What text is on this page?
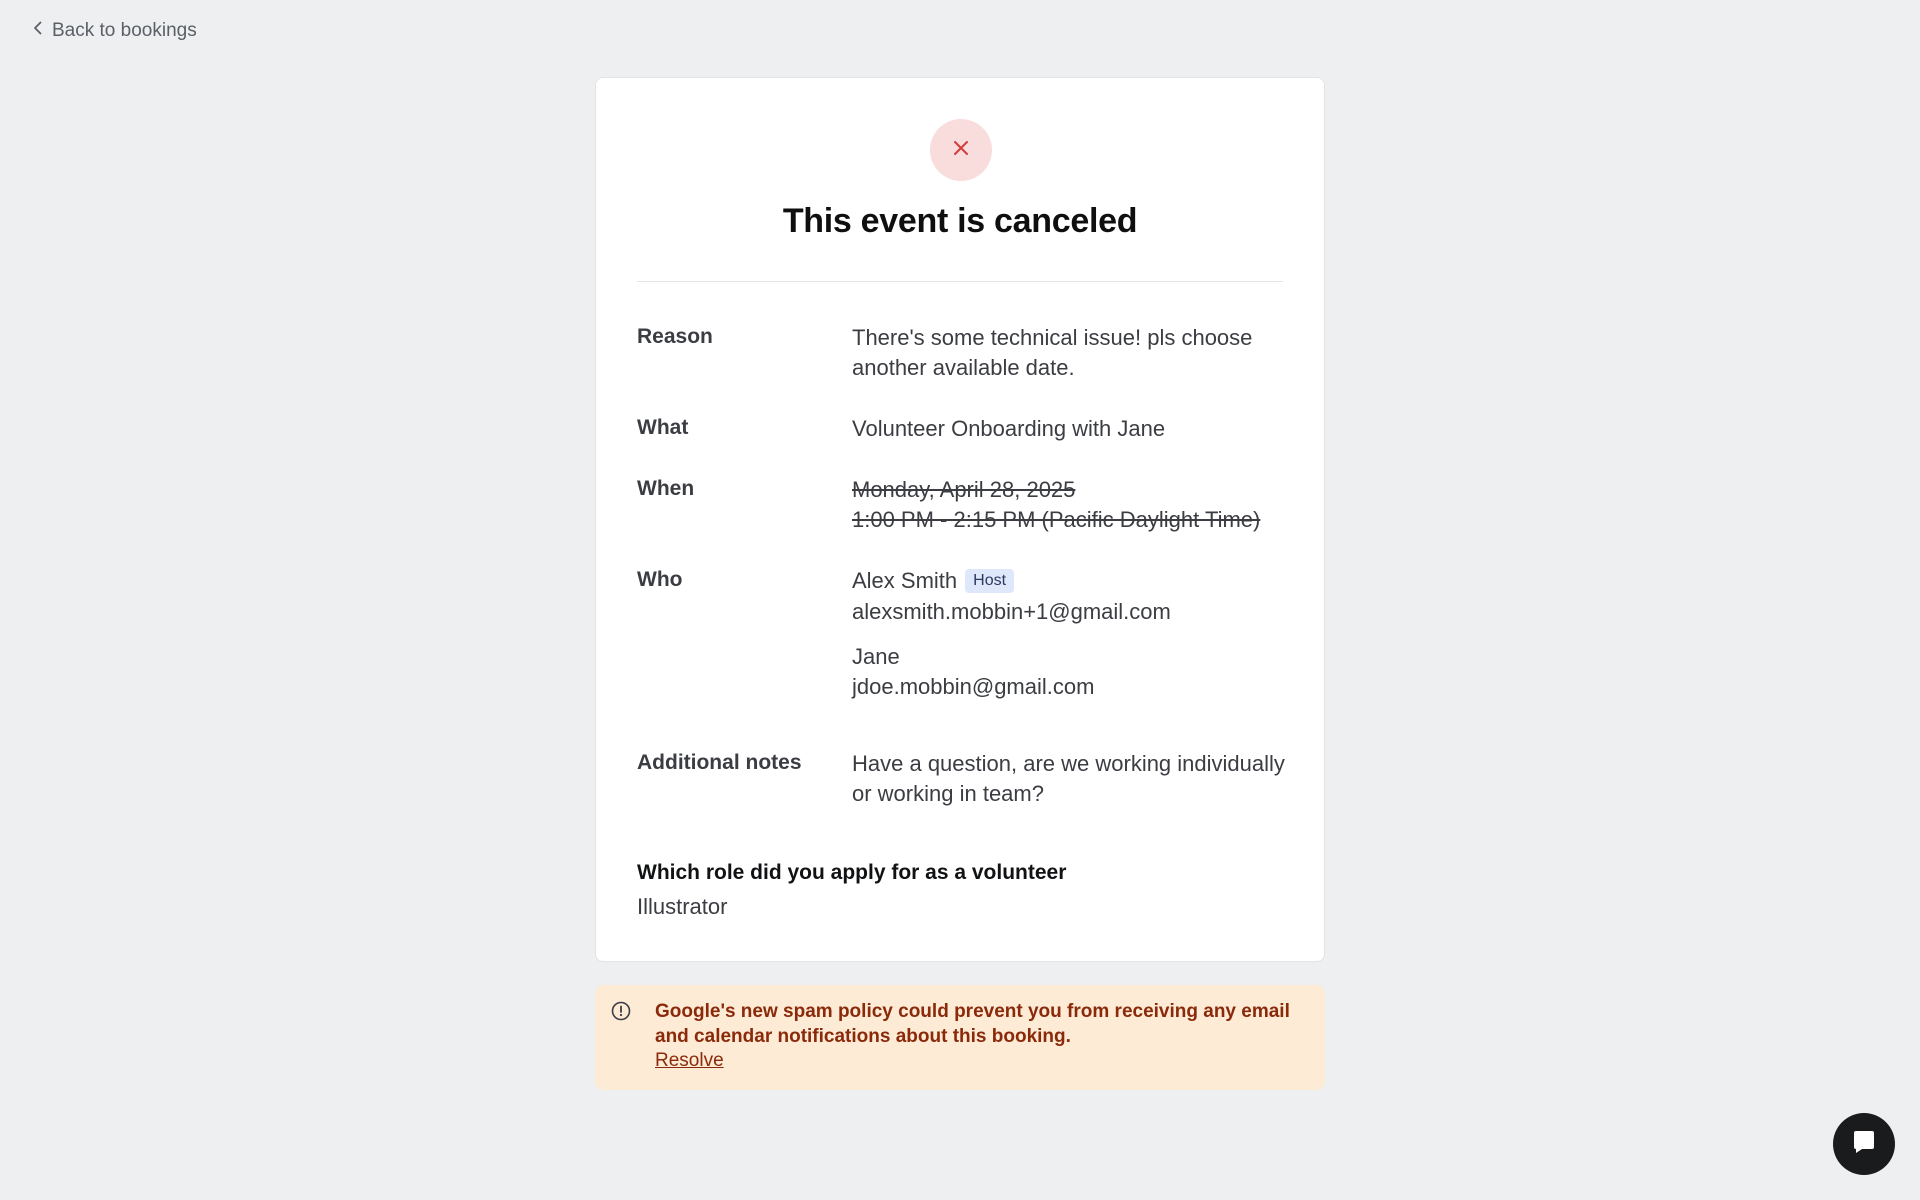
Back to bookings
This event is canceled
Reason	There's some technical issue! pls choose another available date.
What	Volunteer Onboarding with Jane
When	Monday, April 28, 2025
1:00 PM - 2:15 PM (Pacific Daylight Time)
Who	Alex Smith Host
alexsmith.mobbin+1@gmail.com
Jane
jdoe.mobbin@gmail.com
Additional notes Have a question, are we working individually or working in team?
Which role did you apply for as a volunteer
Illustrator
Google's new spam policy could prevent you from receiving any email and calendar notifications about this booking.
Resolve
